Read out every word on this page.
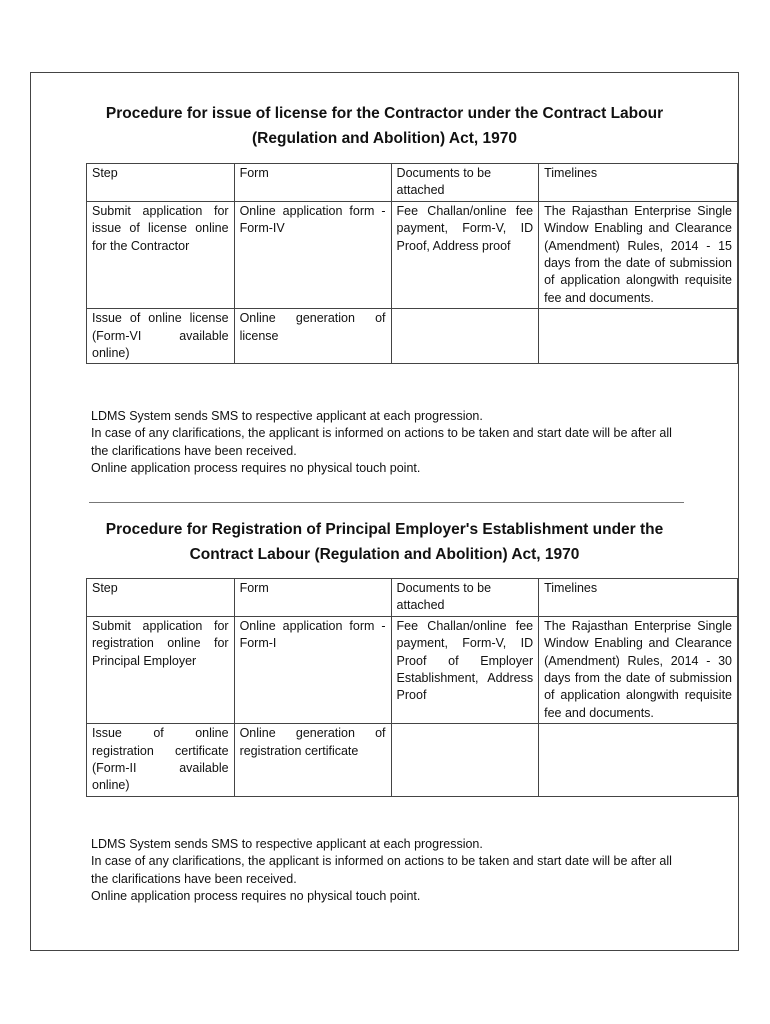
Procedure for issue of license for the Contractor under the Contract Labour
(Regulation and Abolition) Act, 1970
Step	Form	Documents to be attached	Timelines
Submit application for issue of license online for the Contractor	Online application form - Form-IV	Fee Challan/online fee payment, Form-V, ID Proof, Address proof	The Rajasthan Enterprise Single Window Enabling and Clearance (Amendment) Rules, 2014 - 15 days from the date of submission of application alongwith requisite fee and documents.
Issue of online license (Form-VI available online)	Online generation of license		

LDMS System sends SMS to respective applicant at each progression.

In case of any clarifications, the applicant is informed on actions to be taken and start date will be after all the clarifications have been received.

Online application process requires no physical touch point.

Procedure for Registration of Principal Employer's Establishment under the
Contract Labour (Regulation and Abolition) Act, 1970
Step	Form	Documents to be attached	Timelines
Submit application for registration online for Principal Employer	Online application form - Form-I	Fee Challan/online fee payment, Form-V, ID Proof of Employer Establishment, Address Proof	The Rajasthan Enterprise Single Window Enabling and Clearance (Amendment) Rules, 2014 - 30 days from the date of submission of application alongwith requisite fee and documents.
Issue of online registration certificate (Form-II available online)	Online generation of registration certificate		

LDMS System sends SMS to respective applicant at each progression.

In case of any clarifications, the applicant is informed on actions to be taken and start date will be after all the clarifications have been received.

Online application process requires no physical touch point.
